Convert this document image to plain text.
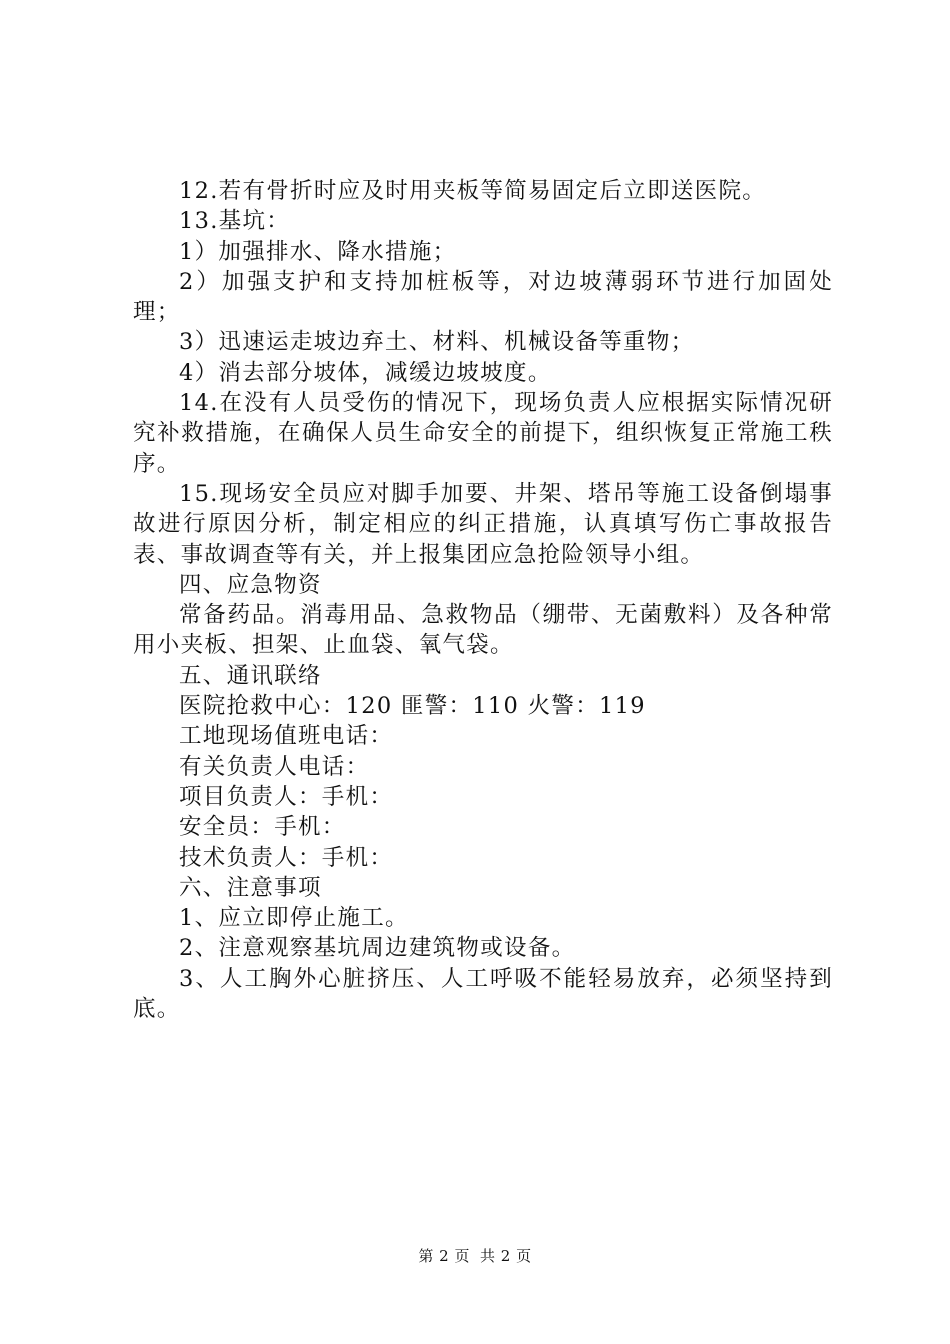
12.若有骨折时应及时用夹板等简易固定后立即送医院。

13.基坑：

1）加强排水、降水措施；

2）加强支护和支持加桩板等，对边坡薄弱环节进行加固处理；

3）迅速运走坡边弃土、材料、机械设备等重物；

4）消去部分坡体，减缓边坡坡度。

14.在没有人员受伤的情况下，现场负责人应根据实际情况研究补救措施，在确保人员生命安全的前提下，组织恢复正常施工秩序。

15.现场安全员应对脚手加要、井架、塔吊等施工设备倒塌事故进行原因分析，制定相应的纠正措施，认真填写伤亡事故报告表、事故调查等有关，并上报集团应急抢险领导小组。

四、应急物资

常备药品。消毒用品、急救物品（绷带、无菌敷料）及各种常用小夹板、担架、止血袋、氧气袋。

五、通讯联络

医院抢救中心：120 匪警：110 火警：119

工地现场值班电话：

有关负责人电话：

项目负责人：手机：

安全员：手机：

技术负责人：手机：

六、注意事项

1、应立即停止施工。

2、注意观察基坑周边建筑物或设备。

3、人工胸外心脏挤压、人工呼吸不能轻易放弃，必须坚持到底。

第 2 页 共 2 页
